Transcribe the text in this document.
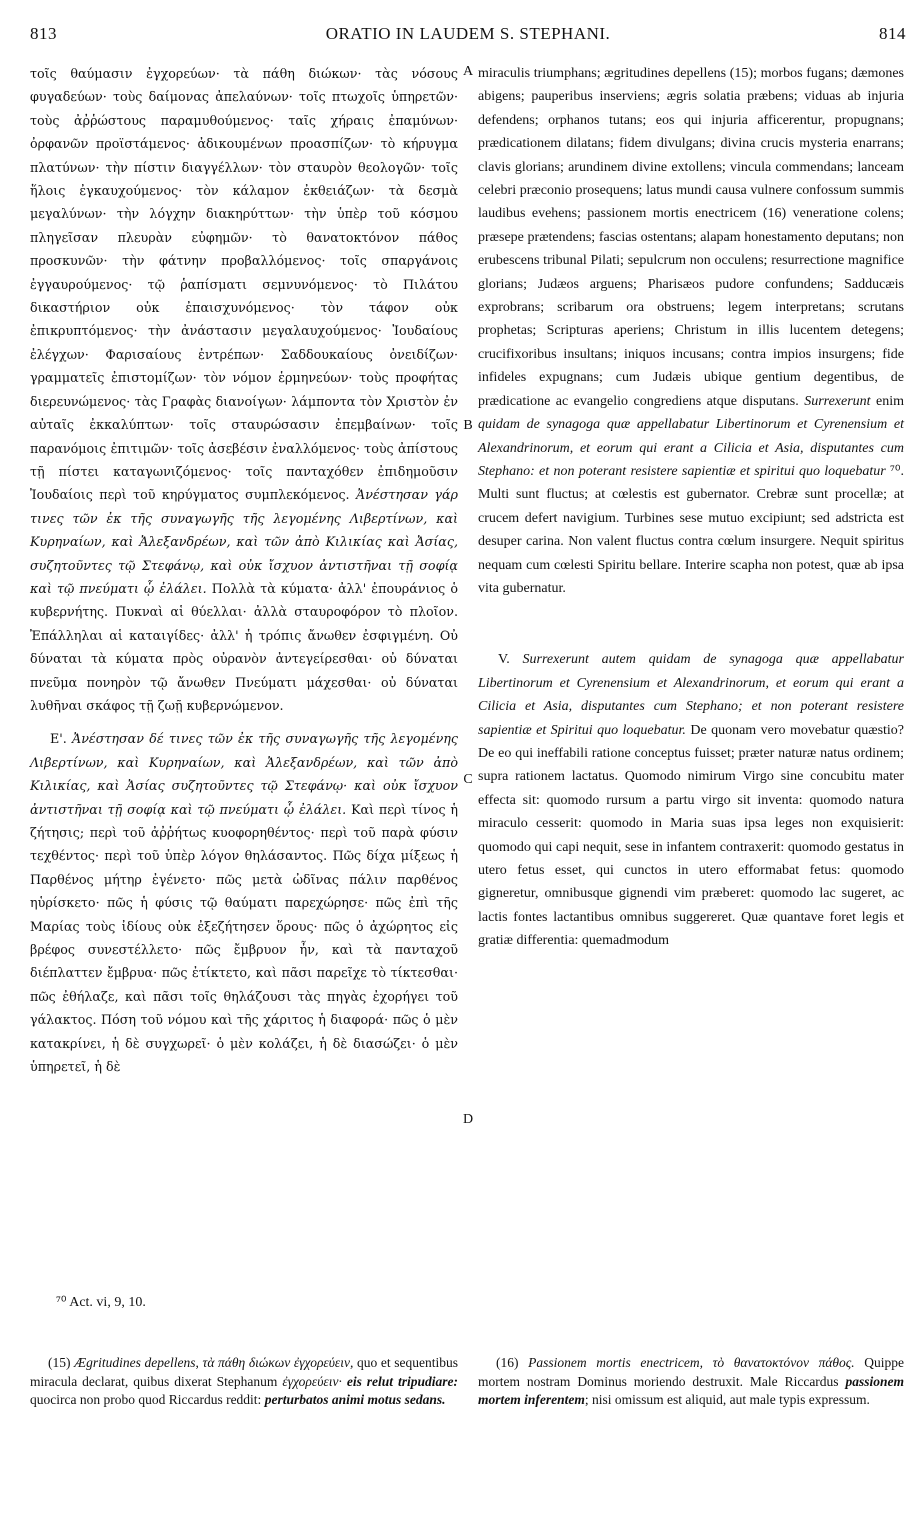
813	ORATIO IN LAUDEM S. STEPHANI.	814
A
B
C
D

τοῖς θαύμασιν ἐγχορεύων· τὰ πάθη διώκων· τὰς νόσους φυγαδεύων· τοὺς δαίμονας ἀπελαύνων· τοῖς πτωχοῖς ὑπηρετῶν· τοὺς ἀῤῥώστους παραμυθούμενος· ταῖς χήραις ἐπαμύνων· ὀρφανῶν προϊστάμενος· ἀδικουμένων προασπίζων· τὸ κήρυγμα πλατύνων· τὴν πίστιν διαγγέλλων· τὸν σταυρὸν θεολογῶν· τοῖς ἥλοις ἐγκαυχούμενος· τὸν κάλαμον ἐκθειάζων· τὰ δεσμὰ μεγαλύνων· τὴν λόγχην διακηρύττων· τὴν ὑπὲρ τοῦ κόσμου πληγεῖσαν πλευρὰν εὐφημῶν· τὸ θανατοκτόνον πάθος προσκυνῶν· τὴν φάτνην προβαλλόμενος· τοῖς σπαργάνοις ἐγγαυρούμενος· τῷ ῥαπίσματι σεμνυνόμενος· τὸ Πιλάτου δικαστήριον οὐκ ἐπαισχυνόμενος· τὸν τάφον οὐκ ἐπικρυπτόμενος· τὴν ἀνάστασιν μεγαλαυχούμενος· Ἰουδαίους ἐλέγχων· Φαρισαίους ἐντρέπων· Σαδδουκαίους ὀνειδίζων· γραμματεῖς ἐπιστομίζων· τὸν νόμον ἑρμηνεύων· τοὺς προφήτας διερευνώμενος· τὰς Γραφὰς διανοίγων· λάμποντα τὸν Χριστὸν ἐν αὐταῖς ἐκκαλύπτων· τοῖς σταυρώσασιν ἐπεμβαίνων· τοῖς παρανόμοις ἐπιτιμῶν· τοῖς ἀσεβέσιν ἐναλλόμενος· τοὺς ἀπίστους τῇ πίστει καταγωνιζόμενος· τοῖς πανταχόθεν ἐπιδημοῦσιν Ἰουδαίοις περὶ τοῦ κηρύγματος συμπλεκόμενος. Ἀνέστησαν γάρ τινες τῶν ἐκ τῆς συναγωγῆς τῆς λεγομένης Λιβερτίνων, καὶ Κυρηναίων, καὶ Ἀλεξανδρέων, καὶ τῶν ἀπὸ Κιλικίας καὶ Ἀσίας, συζητοῦντες τῷ Στεφάνῳ, καὶ οὐκ ἴσχυον ἀντιστῆναι τῇ σοφίᾳ καὶ τῷ πνεύματι ᾧ ἐλάλει. Πολλὰ τὰ κύματα· ἀλλ' ἐπουράνιος ὁ κυβερνήτης. Πυκναὶ αἱ θύελλαι· ἀλλὰ σταυροφόρον τὸ πλοῖον. Ἐπάλληλαι αἱ καταιγίδες· ἀλλ' ἡ τρόπις ἄνωθεν ἐσφιγμένη. Οὐ δύναται τὰ κύματα πρὸς οὐρανὸν ἀντεγείρεσθαι· οὐ δύναται πνεῦμα πονηρὸν τῷ ἄνωθεν Πνεύματι μάχεσθαι· οὐ δύναται λυθῆναι σκάφος τῇ ζωῇ κυβερνώμενον.

Ε'. Ἀνέστησαν δέ τινες τῶν ἐκ τῆς συναγωγῆς τῆς λεγομένης Λιβερτίνων, καὶ Κυρηναίων, καὶ Ἀλεξανδρέων, καὶ τῶν ἀπὸ Κιλικίας, καὶ Ἀσίας συζητοῦντες τῷ Στεφάνῳ· καὶ οὐκ ἴσχυον ἀντιστῆναι τῇ σοφίᾳ καὶ τῷ πνεύματι ᾧ ἐλάλει. Καὶ περὶ τίνος ἡ ζήτησις; περὶ τοῦ ἀῤῥήτως κυοφορηθέντος· περὶ τοῦ παρὰ φύσιν τεχθέντος· περὶ τοῦ ὑπὲρ λόγον θηλάσαντος. Πῶς δίχα μίξεως ἡ Παρθένος μήτηρ ἐγένετο· πῶς μετὰ ὠδῖνας πάλιν παρθένος ηὑρίσκετο· πῶς ἡ φύσις τῷ θαύματι παρεχώρησε· πῶς ἐπὶ τῆς Μαρίας τοὺς ἰδίους οὐκ ἐξεζήτησεν ὅρους· πῶς ὁ ἀχώρητος εἰς βρέφος συνεστέλλετο· πῶς ἔμβρυον ἦν, καὶ τὰ πανταχοῦ διέπλαττεν ἔμβρυα· πῶς ἐτίκτετο, καὶ πᾶσι παρεῖχε τὸ τίκτεσθαι· πῶς ἐθήλαζε, καὶ πᾶσι τοῖς θηλάζουσι τὰς πηγὰς ἐχορήγει τοῦ γάλακτος. Πόση τοῦ νόμου καὶ τῆς χάριτος ἡ διαφορά· πῶς ὁ μὲν κατακρίνει, ἡ δὲ συγχωρεῖ· ὁ μὲν κολάζει, ἡ δὲ διασώζει· ὁ μὲν ὑπηρετεῖ, ἡ δὲ

miraculis triumphans; ægritudines depellens (15); morbos fugans; dæmones abigens; pauperibus inserviens; ægris solatia præbens; viduas ab injuria defendens; orphanos tutans; eos qui injuria afficerentur, propugnans; prædicationem dilatans; fidem divulgans; divina crucis mysteria enarrans; clavis glorians; arundinem divine extollens; vincula commendans; lanceam celebri præconio prosequens; latus mundi causa vulnere confossum summis laudibus evehens; passionem mortis enectricem (16) veneratione colens; præsepe prætendens; fascias ostentans; alapam honestamento deputans; non erubescens tribunal Pilati; sepulcrum non occulens; resurrectione magnifice glorians; Judæos arguens; Pharisæos pudore confundens; Sadducæis exprobrans; scribarum ora obstruens; legem interpretans; scrutans prophetas; Scripturas aperiens; Christum in illis lucentem detegens; crucifixoribus insultans; iniquos incusans; contra impios insurgens; fide infideles expugnans; cum Judæis ubique gentium degentibus, de prædicatione ac evangelio congrediens atque disputans. Surrexerunt enim quidam de synagoga quæ appellabatur Libertinorum et Cyrenensium et Alexandrinorum, et eorum qui erant a Cilicia et Asia, disputantes cum Stephano: et non poterant resistere sapientiæ et spiritui quo loquebatur ⁷⁰. Multi sunt fluctus; at cœlestis est gubernator. Crebræ sunt procellæ; at crucem defert navigium. Turbines sese mutuo excipiunt; sed adstricta est desuper carina. Non valent fluctus contra cœlum insurgere. Nequit spiritus nequam cum cœlesti Spiritu bellare. Interire scapha non potest, quæ ab ipsa vita gubernatur.

V. Surrexerunt autem quidam de synagoga quæ appellabatur Libertinorum et Cyrenensium et Alexandrinorum, et eorum qui erant a Cilicia et Asia, disputantes cum Stephano; et non poterant resistere sapientiæ et Spiritui quo loquebatur. De quonam vero movebatur quæstio? De eo qui ineffabili ratione conceptus fuisset; præter naturæ natus ordinem; supra rationem lactatus. Quomodo nimirum Virgo sine concubitu mater effecta sit: quomodo rursum a partu virgo sit inventa: quomodo natura miraculo cesserit: quomodo in Maria suas ipsa leges non exquisierit: quomodo qui capi nequit, sese in infantem contraxerit: quomodo gestatus in utero fetus esset, qui cunctos in utero efformabat fetus: quomodo gigneretur, omnibusque gignendi vim præberet: quomodo lac sugeret, ac lactis fontes lactantibus omnibus suggereret. Quæ quantave foret legis et gratiæ differentia: quemadmodum

⁷⁰ Act. vi, 9, 10.

(15) Ægritudines depellens, τὰ πάθη διώκων ἐγχορεύειν, quo et sequentibus miracula declarat, quibus dixerat Stephanum ἐγχορεύειν· eis relut tripudiare: quocirca non probo quod Riccardus reddit: perturbatos animi motus sedans.

(16) Passionem mortis enectricem, τὸ θανατοκτόνον πάθος. Quippe mortem nostram Dominus moriendo destruxit. Male Riccardus passionem mortem inferentem; nisi omissum est aliquid, aut male typis expressum.
